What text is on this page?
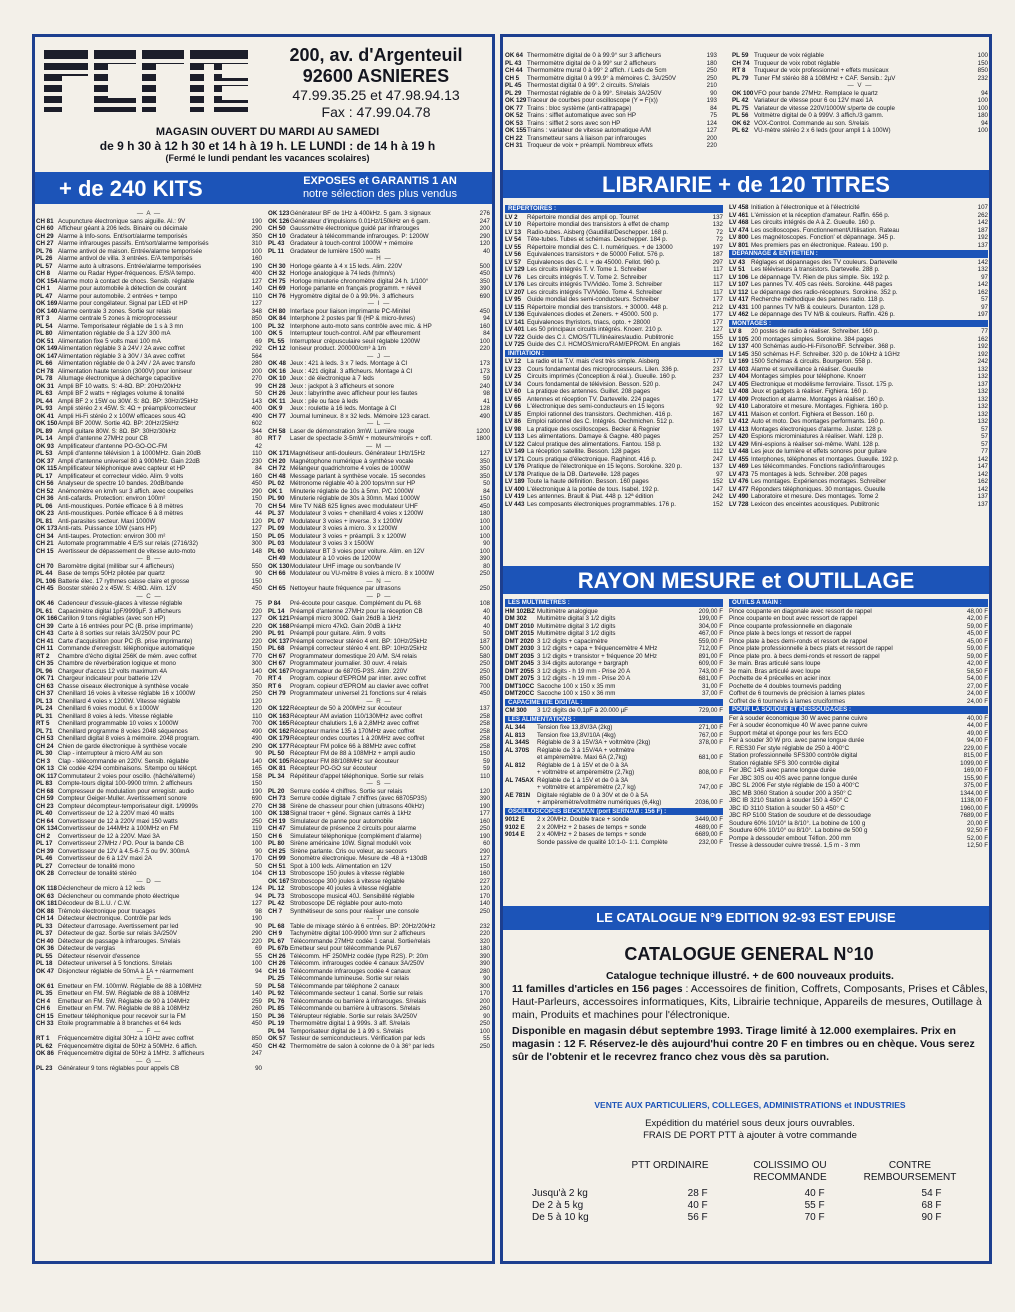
200, av. d'Argenteuil
92600 ASNIERES
47.99.35.25 et 47.98.94.13
Fax : 47.99.04.78
MAGASIN OUVERT DU MARDI AU SAMEDI
de 9 h 30 à 12 h 30 et 14 h à 19 h. LE LUNDI : de 14 h à 19 h
(Fermé le lundi pendant les vacances scolaires)
+ de 240 KITS	EXPOSES et GARANTIS 1 AN
notre sélection des plus vendus
— A —
CH 81 Acupuncture électronique sans aiguille. Al.: 9V	190
CH 60 Afficheur géant à 206 leds. Binaire ou décimale	290
CH 29 Alarme à Info-sons. Ent/sort/alarme temporisés	350
CH 27 Alarme infrarouges passifs. Ent/sort/alarme temporisés	310
PL 76 Alarme antivol de maison. Entrée/alarme temporisée	100
PL 26 Alarme antivol de villa. 3 entrées. E/A temporisés	160
PL 57 Alarme auto à ultrasons. Entrée/alarme temporisées	190
CH 8	Alarme ou Radar Hyper-fréquences. E/S/A tempo.	400
OK 154 Alarme moto à contact de chocs. Sensib. réglable	127
CH 1	Alarme pour automobile à détection de courant	140
PL 47 Alarme pour automobile. 2 entrées + tempo	110
OK 169 Alarme pour congélateur. Signal par LED et HP	127
OK 140 Alarme centrale 3 zones. Sortie sur relais	348
RT 3	Alarme centrale 5 zones à microprocesseur	850
PL 54 Alarme. Temporisateur réglable de 1 s à 3 mn	100
PL 80 Alimentation réglable de 3 à 12V 300 mA	100
OK 51 Alimentation fixe 5 volts maxi 100 mA	69
OK 149 Alimentation réglable 3 à 24V / 2A avec coffret	292
OK 147 Alimentation réglable 3 à 30V / 3A avec coffret	564
PL 66 Alimentation réglable de 0 à 24V / 2A avec transfo	280
CH 78 Alimentation haute tension (3000V) pour ioniseur	200
PL 78 Allumage électronique à décharge capacitive	270
OK 31 Ampli BF 10 watts. S: 4-8Ω. BP: 20Hz/20kHz	99
PL 63 Ampli BF 2 watts + réglages volume & tonalité	50
PL 44 Ampli BF 2 x 15W ou 30W. S: 8Ω. BP: 30Hz/25kHz	143
PL 93 Ampli stéréo 2 x 45W. S: 4Ω + préampli/correcteur	400
OK 41 Ampli Hi-Fi stéréo 2 x 100W efficaces sous 4Ω	490
OK 150 Ampli BF 200W. Sortie 4Ω. BP: 20Hz/25kHz	602
PL 89 Ampli guitare 80W. S: 8Ω. BP: 30Hz/30kHz	344
PL 14 Ampli d'antenne 27MHz pour CB	80
OK 93 Amplificateur d'antenne PO-GO-OC-FM	42
PL 53 Ampli d'antenne télévision 1 à 1000MHz. Gain 20dB	110
OK 37 Ampli d'antenne universel 80 à 900MHz. Gain 22dB	230
OK 115 Amplificateur téléphonique avec capteur et HP	84
PL 17 Amplificateur et correcteur vidéo. Alim. 9 volts	160
CH 56 Analyseur de spectre 10 bandes. 20dB/bande	450
CH 52 Anémomètre en km/h sur 3 affich. avec coupelles	290
CH 36 Anti-cafards. Protection: environ 100m²	150
PL 06 Anti-moustiques. Portée efficace 6 à 8 mètres	70
OK 23 Anti-moustiques. Portée efficace 6 à 8 mètres	44
PL 81 Anti-parasites secteur. Maxi 1000W	120
OK 173 Anti-rats. Puissance 10W (sans HP)	127
CH 34 Anti-taupes. Protection: environ 300 m²	150
CH 21 Automate programmable 4 E/S sur relais (2716/32)	300
CH 15 Avertisseur de dépassement de vitesse auto-moto	148
— B —
CH 70 Baromètre digital (millibar sur 4 afficheurs)	550
PL 44 Base de temps 50Hz pilotée par quartz	90
PL 106 Batterie élec. 17 rythmes caisse claire et grosse	150
CH 45 Booster stéréo 2 x 45W. S: 4/8Ω. Alim. 12V	450
— C —
OK 46 Cadenceur d'essuie-glaces à vitesse réglable	75
PL 61 Capacimètre digital 1pF/9999µF. 3 afficheurs	220
OK 166 Carillon 9 tons réglables (avec son HP)	127
CH 39 Carte à 16 entrées pour PC (B. prise imprimante)	220
CH 43 Carte à 8 sorties sur relais 3A/250V pour PC	290
CH 41 Carte d'acquisition pour PC (B. prise imprimante)	220
CH 11 Commande d'enregistr. téléphonique automatique	150
RT 2	Chambre d'écho digital 256K de mém. avec coffret	770
CH 35 Chambre de réverbération logique et mono	300
PL 96 Chargeur d'accus 12 volts maximum 4A	140
OK 71 Chargeur indicateur pour batterie 12V	70
CH 63 Chasse oiseaux électronique à synthèse vocale	350
CH 37 Chenillard 16 voies à vitesse réglable 16 x 1000W	250
PL 13 Chenillard 4 voies x 1200W. Vitesse réglable	120
PL 24 Chenillard 6 voies modul. 6 x 1000W	120
PL 31 Chenillard 8 voies à leds. Vitesse réglable	110
RT 5	Chenillard programmable 10 voies x 1000W	700
PL 71 Chenillard programme 8 voies 2048 séquences	490
CH 53 Chenillard digital 8 voies à mémoire. 2048 program.	490
CH 24 Chien de garde électronique à synthèse vocale	290
PL 30 Clap - interrupteur à micro A/M au son	90
CH 3	Clap - télécommande en 220V. Sensib. réglable	140
OK 13 Clé codée 4294 combinaisons. S/tempo ou télécpt.	165
OK 117 Commutateur 2 voies pour oscillo. (hâché/alterné)	158
PL 83 Compte-tours digital 100-9900 tr/mn. 2 afficheurs	150
CH 68 Compresseur de modulation pour enregistr. audio	190
CH 59 Compteur Geiger-Muller. Avertissement sonore	690
CH 23 Compteur décompteur-temporisateur digit. 1/9999s	270
PL 40 Convertisseur de 12 à 220V maxi 40 watts	100
CH 64 Convertisseur de 12 à 220V maxi 150 watts	250
OK 134 Convertisseur de 144MHz à 100MHz en FM	119
CH 2	Convertisseur de 12 à 220V. Maxi 3A	150
PL 17 Convertisseur 27MHz / PO. Pour la bande CB	100
CH 39 Convertisseur de 12V à 4.5-6-7.5 ou 9V. 300mA	90
PL 46 Convertisseur de 6 à 12V maxi 2A	170
PL 27 Correcteur de tonalité mono	50
OK 28 Correcteur de tonalité stéréo	104
— D —
OK 118 Déclencheur de micro à 12 leds	124
OK 63 Déclencheur ou commande photo électrique	94
OK 181 Décodeur de B.L.U. / C.W.	127
OK 88 Trémolo électronique pour trucages	98
CH 14 Détecteur électronique. Contrôle par leds	190
PL 33 Détecteur d'arrosage. Avertissement par led	90
PL 37 Détecteur de gaz. Sortie sur relais 3A/250V	290
CH 40 Détecteur de passage à infrarouges. S/relais	220
OK 36 Détecteur de verglas	69
PL 55 Détecteur réservoir d'essence	55
PL 18 Détecteur universel à 5 fonctions. S/relais	100
OK 47 Disjoncteur réglable de 50mA à 1A + réarmement	94
— E —
OK 61 Emetteur en FM. 100mW. Réglable de 88 à 108MHz	59
PL 35 Emetteur en FM. 5W. Réglable de 88 à 108MHz	140
CH 4	Emetteur en FM. 5W. Réglable de 90 à 104MHz	259
CH 6	Emetteur en FM. 7W. Réglable de 88 à 108MHz	260
CH 15 Emetteur téléphonique pour recevoir sur la FM	150
CH 33 Etoile programmable à 8 branches et 64 leds	450
— F —
RT 1	Fréquencemètre digital 30Hz à 1GHz avec coffret	850
PL 62 Fréquencemètre digital de 50Hz à 50MHz. 6 affich.	450
OK 86 Fréquencemètre digital de 50Hz à 1MHz. 3 afficheurs	247
— G —
PL 23 Générateur 9 tons réglables pour appels CB	90
OK 123 Générateur BF de 1Hz à 400kHz. 5 gam. 3 signaux	276
OK 126 Générateur d'impulsions 0.01Hz/150kHz en 6 gam.	247
CH 50 Gaussmètre électronique guidé par infrarouges	200
CH 10 Gradateur à télécommande infrarouges. P: 1200W	290
PL 43 Gradateur à touch-control 1000W + mémoire	120
PL 11 Gradateur de lumière 1500 watts	40
— H —
CH 30 Horloge géante à 4 x 15 leds. Alim. 220V	500
CH 32 Horloge analogique à 74 leds (h/mn/s)	450
CH 75 Horloge minuterie chronomètre digital 24 h. 1/100°	350
CH 69 Horloge parlante en français programm. + réveil	390
CH 76 Hygromètre digital de 0 à 99.9%. 3 afficheurs	690
— I —
CH 80 Interface pour liaison imprimante PC-Minitel	450
OK 84 Interphone 2 postes par fil (HP & micro-livres)	94
PL 32 Interphone auto-moto sans contrôle avec mic. & HP	160
OK 5	Interrupteur touch-control. A/M par effleurement	84
PL 55 Interrupteur crépusculaire seuil réglable 1200W	100
CH 12 Ioniseur product. 200000/cm³ à 1m	220
— J —
OK 48 Jeux : 421 à leds. 3 x 7 leds. Montage à CI	173
OK 16 Jeux : 421 digital. 3 afficheurs. Montage à CI	173
OK 10 Jeux : dé électronique à 7 leds	59
CH 28 Jeux : jackpot à 3 afficheurs et sonore	240
CH 26 Jeux : labyrinthe avec afficheur pour les fautes	98
OK 11 Jeux : pile ou face à leds	41
OK 9	Jeux : roulette à 16 leds. Montage à CI	128
CH 77 Journal lumineux. 8 x 32 leds. Mémoire 123 caract.	490
— L —
CH 58 Laser de démonstration 3mW. Lumière rouge	1200
RT 7	Laser de spectacle 3-5mW + moteurs/miroirs + coff.	1800
— M —
OK 171 Magnétiseur anti-douleurs. Générateur 1Hz/15Hz	127
CH 20 Magnétophone numérique à synthèse vocale	350
CH 72 Mélangeur quadrichrome 4 voies de 1000W	350
CH 48 Message parlant à synthèse vocale. 15 secondes	350
PL 02 Métronome réglable 40 à 200 tops/mn sur HP	50
OK 1	Minuterie réglable de 10s à 5mn. P/C 1000W	84
PL 90 Minuterie réglable de 30s à 30mn. Maxi 1000W	150
CH 54 Mire TV N&B 625 lignes avec modulateur UHF	450
PL 37 Modulateur 3 voies + chenillard 4 voies x 1200W	180
PL 07 Modulateur 3 voies + inverse. 3 x 1200W	100
PL 09 Modulateur 3 voies à micro. 3 x 1200W	100
PL 05 Modulateur 3 voies + préampli. 3 x 1200W	100
PL 03 Modulateur 3 voies 3 x 1500W	90
PL 60 Modulateur BT 3 voies pour voiture. Alim. en 12V	100
CH 49 Modulateur à 10 voies de 1200W	390
OK 130 Modulateur UHF image ou son/bande IV	80
CH 66 Modulateur ou VU-mètre 8 voies à micro. 8 x 1000W	250
— N —
CH 65 Nettoyeur haute fréquence par ultrasons	250
— P —
P 84	Pré-écoute pour casque. Complément du PL 68	108
PL 14 Préampli d'antenne 27MHz pour la réception CB	40
OK 121 Préampli micro 300Ω. Gain 26dB à 1kHz	40
OK 168 Préampli micro 47kΩ. Gain 20dB à 1kHz	40
PL 91 Préampli pour guitare. Alim. 9 volts	50
OK 137 Préampli correcteur stéréo 4 ent. BP: 10Hz/25kHz	187
PL 68 Préampli correcteur stéréo 4 ent. BP: 10Hz/25kHz	500
CH 67 Programmateur domestique 20 A/M. S/4 relais	580
CH 67 Programmateur journalier. 30 ouvr. 4 relais	250
OK 167 Programmateur de 68705-P3S. Alim. 220V	250
RT 4	Program. copieur d'EPROM par inter. avec coffret	850
RT 6	Program. copieur d'EPROM au clavier avec coffret	700
CH 79 Programmateur universel 21 fonctions sur 4 relais	450
— R —
OK 122 Récepteur de 50 à 200MHz sur écouteur	137
OK 163 Récepteur AM aviation 110/130MHz avec coffret	258
OK 165 Récepteur chalutiers 1,6 à 2,8MHz avec coffret	258
OK 162 Récepteur marine 135 à 170MHz avec coffret	258
OK 179 Récepteur ondes courtes 1 à 20MHz avec coffret	258
OK 177 Récepteur FM police 66 à 88MHz avec coffret	258
PL 50 Récepteur FM de 88 à 108MHz + ampli audio	150
OK 105 Récepteur FM 88/108MHz sur écouteur	59
OK 81 Récepteur PO-GO sur écouteur	59
PL 34 Répétiteur d'appel téléphonique. Sortie sur relais	110
— S —
PL 20 Serrure codée 4 chiffres. Sortie sur relais	120
CH 73 Serrure codée digitale 7 chiffres (avec 68705P3S)	390
CH 38 Sirène de chasseur pour chien (ultrasons 40kHz)	190
OK 138 Signal tracer + gêné. Signaux carrés à 1kHz	177
CH 19 Simulateur de panne pour automobile	160
CH 47 Simulateur de présence 2 circuits pour alarme	250
CH 6	Simulateur téléphonique (complément d'alarme)	190
PL 80 Sirène américaine 10W. Signal modulé\ voix	60
CH 25 Sirène parlante. Cris ou voleur, au secours	290
CH 99 Sonomètre électronique. Mesure de -48 à +130dB	127
CH 51 Spot à 100 leds. Alimentation en 12V	150
CH 13 Stroboscope 150 joules à vitesse réglable	160
OK 167 Stroboscope 300 joules à vitesse réglable	227
PL 12 Stroboscope 40 joules à vitesse réglable	120
PL 73 Stroboscope musical 40J. Sensibilité réglable	170
PL 42 Stroboscope DE réglable pour auto-moto	140
CH 7	Synthétiseur de sons pour réaliser une console	250
— T —
PL 68 Table de mixage stéréo à 6 entrées. BP: 20Hz/20kHz	232
CH 9	Tachymètre digital 100-9900 t/mn sur 2 afficheurs	220
PL 67 Télécommande 27MHz codée 1 canal. Sortie/relais	320
PL 67b Emetteur seul pour télécommande PL67	180
CH 26 Télécomm. HF 250MHz codée (type R2S). P: 20m	390
CH 26 Télécomm. infrarouges codée 4 canaux 3A/250V	390
CH 16 Télécommande infrarouges codée 4 canaux	280
PL 25 Télécommande lumineuse. Sortie sur relais	90
PL 58 Télécommande par téléphone 2 canaux	300
PL 92 Télécommande secteur 1 canal. Sortie sur relais	170
PL 76 Télécommande ou barrière à infrarouges. S/relais	200
PL 85 Télécommande ou barrière à ultrasons. S/relais	260
PL 36 Télérupteur réglable. Sortie sur relais 3A/250V	90
PL 19 Thermomètre digital 1 à 999s. 3 aff. S/relais	250
PL 94 Temporisateur digital de 1 à 99 s. S/relais	100
OK 57 Testeur de semiconducteurs. Vérification par leds	55
CH 42 Thermomètre de salon à colonne de 0 à 36° par leds	250
OK 64 Thermomètre digital de 0 à 99.9° sur 3 afficheurs	193
PL 43 Thermomètre digital de 0 à 99° sur 2 afficheurs	180
CH 44 Thermomètre mural 0 à 99° 2 affich. / Leds de 5cm	250
CH 5	Thermomètre digital 0 à 99.9° à mémoires C. 3A/250V	250
PL 45 Thermostat digital 0 à 99°. 2 circuits. S/relais	210
PL 29 Thermostat réglable de 0 à 99°. S/relais 3A/250V	90
OK 129 Traceur de courbes pour oscilloscope (Y = F(x))	193
OK 77 Trains : bloc système (anti-rattrapage)	84
OK 52 Trains : sifflet automatique avec son HP	75
OK 53 Trains : sifflet 2 sons avec son HP	124
OK 155 Trains : variateur de vitesse automatique A/M	127
CH 22 Transmetteur sans à liaison par infrarouges	200
CH 31 Troqueur de voix + préampli. Nombreux effets	220
PL 59 Truqueur de voix réglable	100
CH 74 Truqueur de voix robot réglable	150
RT 8	Truqueur de voix professionnel + effets musicaux	850
PL 79 Tuner FM stéréo 88 à 108MHz + CAF. Sensib.: 2µV	232
— V —
OK 100 VFO pour bande 27MHz. Remplace le quartz	94
PL 42 Variateur de vitesse pour 6 ou 12V maxi 1A	100
PL 75 Variateur de vitesse 220V/1000W s/perte de couple	100
PL 56 Voltmètre digital de 0 à 999V. 3 affich./3 gamm.	180
OK 62 VOX-Control. Commande au son. S/relais	94
PL 62 VU-mètre stéréo 2 x 6 leds (pour ampli 1 à 100W)	100
LIBRAIRIE + de 120 TITRES
REPERTOIRES :
LV 2	Répertoire mondial des ampli op. Tourret	137
LV 10 Répertoire mondial des transistors à effet de champ	132
LV 13 Radio-tubes. Aisberg (Gaudillat/Deschepper. 168 p.	72
LV 54 Tête-tubes. Tubes et schémas. Deschepper. 184 p.	72
LV 55 Répertoire mondial des C. I. numériques. + de 13000	197
LV 56 Equivalences transistors + de 50000 Fellot. 576 p.	187
LV 57 Equivalences des C. I. + de 45000. Fellot. 960 p.	297
LV 129 Les circuits intégrés T. V. Tome 1. Schreiber	117
LV 76 Les circuits intégrés T. V. Tome 2. Schreiber	117
LV 176 Les circuits intégrés TV/Vidéo. Tome 3. Schreiber	117
LV 207 Les circuits intégrés TV/Vidéo. Tome 4. Schreiber	117
LV 95 Guide mondial des semi-conducteurs. Schreiber	177
LV 115 Répertoire mondial des transistors. + 30000. 448 p.	212
LV 136 Equivalences diodes et Zeners. + 45000. 500 p.	177
LV 141 Equivalences thyristors, triacs, opto. + 28000	177
LV 401 Les 50 principaux circuits intégrés. Knoerr. 210 p.	127
LV 722 Guide des C.I. CMOS/TTL/linéaires/audio. Publitronic	155
LV 725 Guide des C.I. HCMOS/micro/RAM/EPROM. En anglais	162
INITIATION :
LV 12 La radio et la T.V. mais c'est très simple. Aisberg	177
LV 23 Cours fondamental des microprocesseurs. Lilen. 336 p.	237
LV 25 Circuits imprimés (Conception & réal.). Gueulle. 160 p.	237
LV 34 Cours fondamental de télévision. Besson. 520 p.	247
LV 60 La pratique des antennes. Guillet. 208 pages	142
LV 65 Antennes et réception TV. Dartevelle. 224 pages	177
LV 66 L'électronique des semi-conducteurs en 15 leçons	92
LV 85 Emploi rationnel des transistors. Oechmichen. 416 p.	167
LV 86 Emploi rationnel des C. Intégrés. Oechmichen. 512 p.	167
LV 98 La pratique des oscilloscopes. Becker & Regnier	197
LV 113 Les alimentations. Damaye & Gagne. 480 pages	257
LV 122 Calcul pratique des alimentations. Fantou. 158 p.	132
LV 149 La réception satellite. Besson. 128 pages	112
LV 171 Cours pratique d'électronique. Raghinot. 416 p.	247
LV 176 Pratique de l'électronique en 15 leçons. Sorokine. 320 p.	137
LV 178 Pratique de la DB. Dartevelle. 128 pages	97
LV 189 Toute la haute définition. Besson. 160 pages	152
LV 400 L'électronique à la portée de tous. Isabel. 192 p.	147
LV 419 Les antennes. Brault & Piat. 448 p. 12ª édition	242
LV 443 Les composants électroniques programmables. 176 p.	152
LV 458 Initiation à l'électronique et à l'électricité	107
LV 461 L'émission et la réception d'amateur. Raffin. 656 p.	262
LV 468 Les circuits intégrés de A à Z. Gueulle. 160 p.	142
LV 474 Les oscilloscopes. Fonctionnement/Utilisation. Rateau	187
LV 800 Les magnétoscopes. Fonction' et dépannage. 345 p.	192
LV 801 Mes premiers pas en électronique. Rateau. 190 p.	137
DEPANNAGE & ENTRETIEN :
LV 43 Réglages et dépannages des TV couleurs. Dartevelle	142
LV 51 Les téléviseurs à transistors. Dartevelle. 288 p.	132
LV 106 Le dépannage TV. Rien de plus simple. Six. 192 p.	97
LV 107 Les pannes TV. 405 cas réels. Sorokine. 448 pages	142
LV 112 Le dépannage des radio-récepteurs. Sorokine. 352 p.	162
LV 417 Recherche méthodique des pannes radio. 118 p.	57
LV 431 100 pannes TV N/B & couleurs. Duranton. 128 p.	97
LV 462 Le dépannage des TV N/B & couleurs. Raffin. 426 p.	197
MONTAGES :
LV 8	20 postes de radio à réaliser. Schreiber. 160 p.	77
LV 105 200 montages simples. Sorokine. 384 pages	162
LV 137 400 Schémas audio-Hi-Fi/sono/BF. Schreiber. 368 p.	192
LV 145 350 schémas H-F. Schreiber. 320 p. de 10kHz à 1GHz	192
LV 169 1500 Schémas & circuits. Bourgeron. 558 p.	242
LV 403 Alarme et surveillance à réaliser. Gueulle	132
LV 404 Montages simples pour téléphone. Knoerr	132
LV 405 Electronique et modélisme ferroviaire. Tissot. 175 p.	137
LV 408 Jeux et gadgets à réaliser. Fighiera. 160 p.	132
LV 409 Protection et alarme. Montages à réaliser. 160 p.	132
LV 410 Laboratoire et mesure. Montages. Fighiera. 160 p.	132
LV 411 Maison et confort. Fighiera et Besson. 160 p.	132
LV 412 Auto et moto. Des montages performants. 160 p.	132
LV 413 Montages électroniques d'alarme. Juster. 128 p.	57
LV 420 Espions microminiatures à réaliser. Wahl. 128 p.	57
LV 429 Mini-espions à réaliser soi-même. Wahl. 128 p.	57
LV 448 Les jeux de lumière et effets sonores pour guitare	77
LV 455 Interphones, téléphones et montages. Gueulle. 192 p.	142
LV 469 Les télécommandes. Fonctions radio/infrarouges	147
LV 473 75 montages à leds. Schreiber. 208 pages	142
LV 476 Les montages. Expériences montages. Schreiber	162
LV 477 Réponders téléphoniques. 30 montages. Gueulle	142
LV 490 Laboratoire et mesure. Des montages. Tome 2	137
LV 728 Lexicon des enceintes acoustiques. Publitronic	137
RAYON MESURE et OUTILLAGE
LES MULTIMETRES :
HM 102BZ Multimètre analogique	209,00 F
DM 302	Multimètre digital 3 1/2 digits	199,00 F
DMT 2010 Multimètre digital 3 1/2 digits	304,00 F
DMT 2015 Multimètre digital 3 1/2 digits	467,00 F
DMT 2020 3 1/2 digits + capacimètre	559,00 F
DMT 2030 3 1/2 digits + capa + fréquencemètre 4 MHz	712,00 F
DMT 2035 3 1/2 digits + transistor + fréquence 20 MHz	891,00 F
DMT 2045 3 3/4 digits autorange + bargraph	609,00 F
DMT 2055 3 1/2 digits - h 19 mm - Prise 20 A	743,00 F
DMT 2075 3 1/2 digits - h 19 mm - Prise 20 A	681,00 F
DMT10CC Sacoche 100 x 150 x 35 mm	31,00 F
DMT20CC Sacoche 100 x 150 x 36 mm	37,00 F
CAPACIMETRE DIGITAL :
CM 300	3 1/2 digits de 0,1pF à 20.000 µF	729,00 F
LES ALIMENTATIONS :
AL 344	Tension fixe 13,8V/3A (2kg)	271,00 F
AL 813	Tension fixe 13,8V/10A (4kg)	767,00 F
AL 344S	Réglable de 3 à 15V/3A + voltmètre (2kg)	378,00 F
AL 370S	Réglable de 3 à 15V/4A + voltmètre
et ampèremètre. Maxi 6A (2,7kg)	681,00 F
AL 812	Réglable de 1 à 15V et de 0 à 3A
+ voltmètre et ampèremètre (2,7kg)	808,00 F
AL 745AX Réglable de 1 à 15V et de 0 à 3A
+ voltmètre et ampèremètre (2,7 kg)	747,00 F
AE 781N	Digitale réglable de 0 à 30V et de 0 à 5A
+ ampèremètre/voltmètre numériques (6,4kg)	2036,00 F
OSCILLOSCOPES BECKMAN (port SERNAM : 156 F) :
9012 E	2 x 20MHz. Double trace + sonde	3449,00 F
9102 E	2 x 20MHz + 2 bases de temps + sonde	4689,00 F
9014 E	2 x 40MHz + 2 bases de temps + sonde	6689,00 F
Sonde passive de qualité 10:1-0- 1:1. Complète	232,00 F
OUTILS A MAIN :
Pince coupante en diagonale avec ressort de rappel	48,00 F
Pince coupante en bout avec ressort de rappel	42,00 F
Pince coupante professionnelle en diagonale	59,00 F
Pince plate à becs longs et ressort de rappel	45,00 F
Pince plate à becs demi-ronds et ressort de rappel	45,00 F
Pince plate professionnelle à becs plats et ressort de rappel	59,00 F
Pince plate pro. à becs demi-ronds et ressort de rappel	59,00 F
3e main. Bras articulé sans loupe	42,00 F
3e main. Bras articulé avec loupe	58,50 F
Pochette de 4 précelles en acier inox	54,00 F
Pochette de 4 doubles tournevis padding	27,00 F
Coffret de 6 tournevis de précision à lames plates	24,00 F
Coffret de 6 tournevis à lames cruciformes	24,00 F
POUR LA SOUDER ET DESSOUDAGES :
Fer à souder économique 30 W avec panne cuivre	40,00 F
Fer à souder économique 40 W avec panne cuivre	44,00 F
Support métal et éponge pour les fers ECO	49,00 F
Fer à souder 30 W pro. avec panne longue durée	94,00 F
F. RES30 Fer style réglable de 250 à 400°C	229,00 F
Station professionnelle SFS300 contrôle digital	815,00 F
Station réglable SFS 300 contrôle digital	1099,00 F
Fer JBC 14S avec panne longue durée	169,00 F
Fer JBC 30S ou 40S avec panne longue durée	155,90 F
JBC SL 2006 Fer style réglable de 150 à 400°C	375,00 F
JBC MB 3060 Station à souder 200 à 350° C	1344,00 F
JBC IB 3210 Station à souder 150 à 450° C	1138,00 F
JBC ID 3110 Station à souder 50 à 450° C	1960,00 F
JBC RP 5100 Station de soudure et de dessoudage	7689,00 F
Soudure 60% 10/10° la 8/10°. La bobine de 100 g	20,00 F
Soudure 60% 10/10° ou 8/10°. La bobine de 500 g	92,50 F
Pompe à dessouder embout Téflon. 200 mm	52,00 F
Tresse à dessouder cuivre tressé. 1,5 m - 3 mm	12,50 F
LE CATALOGUE N°9 EDITION 92-93 EST EPUISE
CATALOGUE GENERAL N°10
Catalogue technique illustré. + de 600 nouveaux produits.
11 familles d'articles en 156 pages : Accessoires de finition, Coffrets, Composants, Prises et Câbles, Haut-Parleurs, accessoires informatiques, Kits, Librairie technique, Appareils de mesures, Outillage à main, Produits et machines pour l'électronique.
Disponible en magasin début septembre 1993. Tirage limité à 12.000 exemplaires. Prix en magasin : 12 F. Réservez-le dès aujourd'hui contre 20 F en timbres ou en chèque. Vous serez sûr de l'obtenir et le recevrez franco chez vous dès sa parution.
VENTE AUX PARTICULIERS, COLLEGES, ADMINISTRATIONS et INDUSTRIES
Expédition du matériel sous deux jours ouvrables.
FRAIS DE PORT PTT à ajouter à votre commande
PTT ORDINAIRE	COLISSIMO OU RECOMMANDE
CONTRE REMBOURSEMENT
Jusqu'à 2 kg	28 F	40 F	54 F
De 2 à 5 kg	40 F	55 F	68 F
De 5 à 10 kg	56 F	70 F	90 F
